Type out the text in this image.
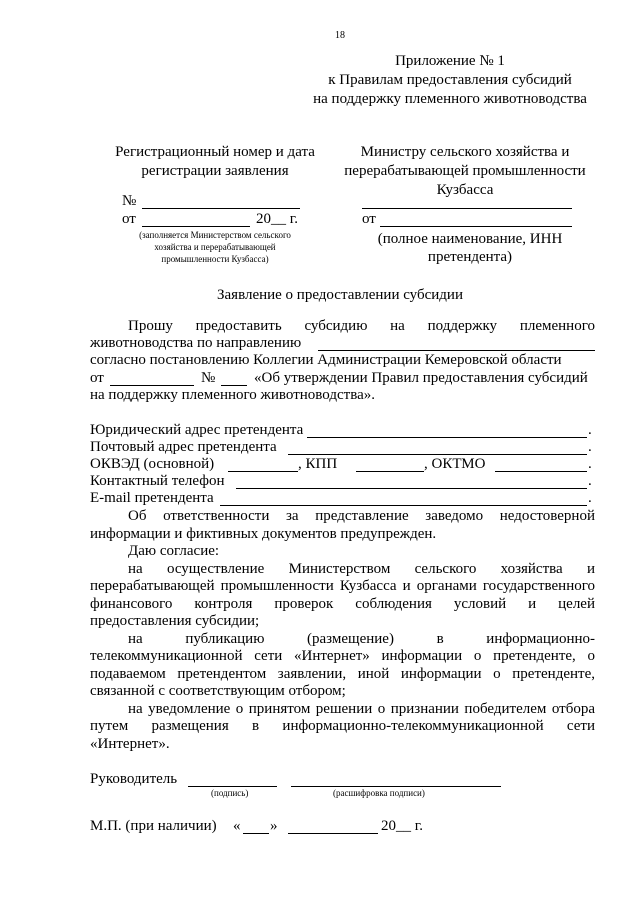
18
Приложение № 1
к Правилам предоставления субсидий
на поддержку племенного животноводства
Регистрационный номер и дата
регистрации заявления
№
от	20__ г.
(заполняется Министерством сельского
хозяйства и перерабатывающей
промышленности Кузбасса)
Министру сельского хозяйства и
перерабатывающей промышленности
Кузбасса
от
(полное наименование, ИНН
претендента)
Заявление о предоставлении субсидии
Прошу предоставить субсидию на поддержку племенного
животноводства по направлению
согласно постановлению Коллегии Администрации Кемеровской области
от	№	«Об утверждении Правил предоставления субсидий
на поддержку племенного животноводства».
Юридический адрес претендента	.
Почтовый адрес претендента	.
ОКВЭД (основной)	, КПП	, ОКТМО	.
Контактный телефон	.
E-mail претендента	.
Об ответственности за представление заведомо недостоверной
информации и фиктивных документов предупрежден.
Даю согласие:
на осуществление Министерством сельского хозяйства и
перерабатывающей промышленности Кузбасса и органами государственного
финансового контроля проверок соблюдения условий и целей
предоставления субсидии;
на публикацию (размещение) в информационно-
телекоммуникационной сети «Интернет» информации о претенденте, о
подаваемом претендентом заявлении, иной информации о претенденте,
связанной с соответствующим отбором;
на уведомление о принятом решении о признании победителем отбора
путем размещения в информационно-телекоммуникационной сети
«Интернет».
Руководитель
(подпись)	(расшифровка подписи)
М.П. (при наличии) « »	20__ г.
